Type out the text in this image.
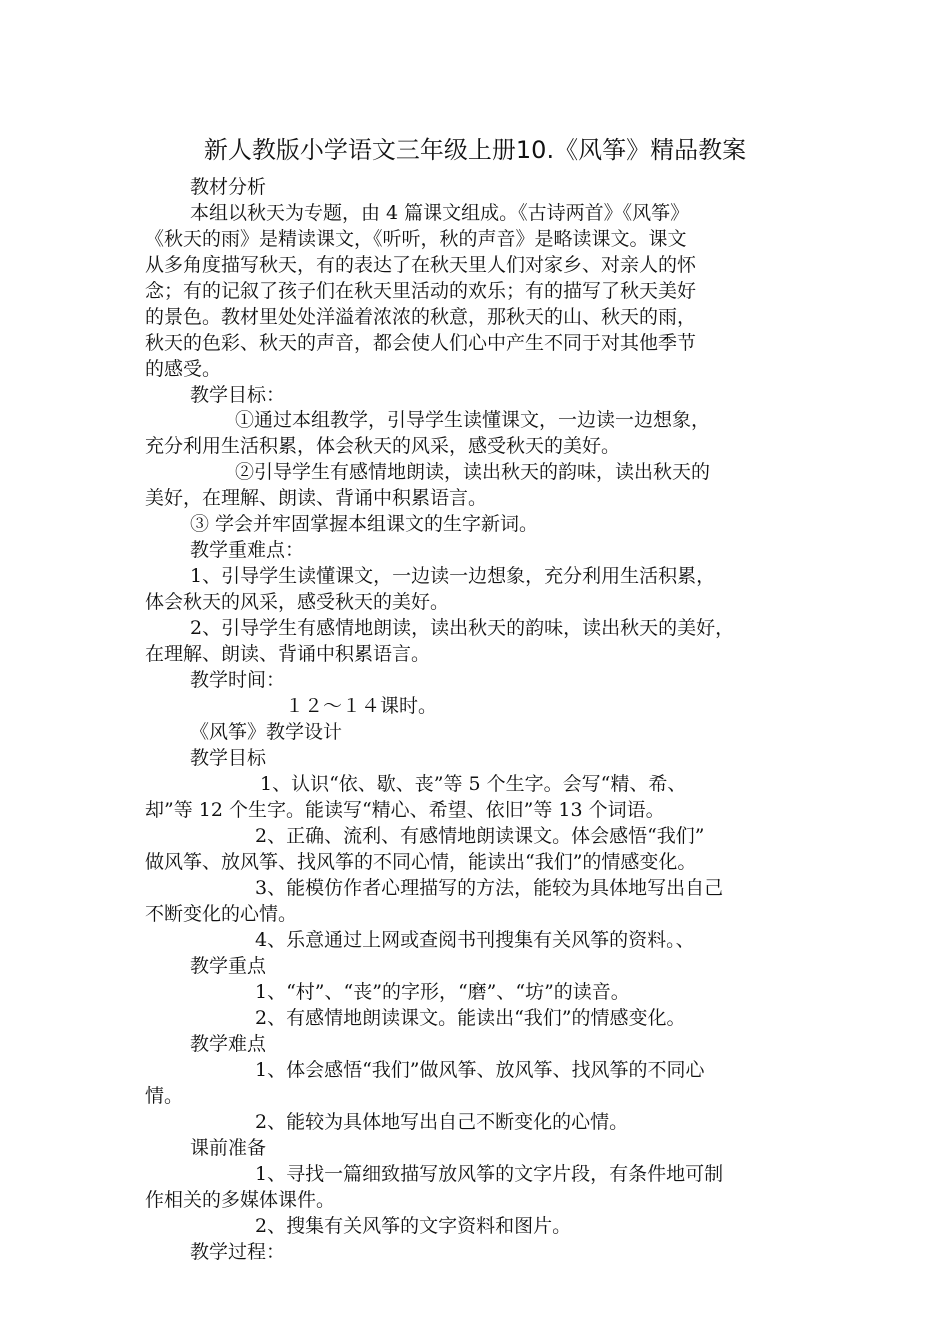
新人教版小学语文三年级上册10.《风筝》精品教案
教材分析
本组以秋天为专题，由 4 篇课文组成。《古诗两首》《风筝》
《秋天的雨》是精读课文，《听听，秋的声音》是略读课文。课文
从多角度描写秋天，有的表达了在秋天里人们对家乡、对亲人的怀
念；有的记叙了孩子们在秋天里活动的欢乐；有的描写了秋天美好
的景色。教材里处处洋溢着浓浓的秋意，那秋天的山、秋天的雨，
秋天的色彩、秋天的声音，都会使人们心中产生不同于对其他季节
的感受。
教学目标：
①通过本组教学，引导学生读懂课文，一边读一边想象，
充分利用生活积累，体会秋天的风采，感受秋天的美好。
②引导学生有感情地朗读，读出秋天的韵味，读出秋天的
美好，在理解、朗读、背诵中积累语言。
③ 学会并牢固掌握本组课文的生字新词。
教学重难点：
1、引导学生读懂课文，一边读一边想象，充分利用生活积累，
体会秋天的风采，感受秋天的美好。
2、引导学生有感情地朗读，读出秋天的韵味，读出秋天的美好，
在理解、朗读、背诵中积累语言。
教学时间：
１２～１４课时。
《风筝》教学设计
教学目标
1、认识“依、歇、丧”等 5 个生字。会写“精、希、
却”等 12 个生字。能读写“精心、希望、依旧”等 13 个词语。
2、正确、流利、有感情地朗读课文。体会感悟“我们”
做风筝、放风筝、找风筝的不同心情，能读出“我们”的情感变化。
3、能模仿作者心理描写的方法，能较为具体地写出自己
不断变化的心情。
4、乐意通过上网或查阅书刊搜集有关风筝的资料。、
教学重点
1、“村”、“丧”的字形，“磨”、“坊”的读音。
2、有感情地朗读课文。能读出“我们”的情感变化。
教学难点
1、体会感悟“我们”做风筝、放风筝、找风筝的不同心
情。
2、能较为具体地写出自己不断变化的心情。
课前准备
1、寻找一篇细致描写放风筝的文字片段，有条件地可制
作相关的多媒体课件。
2、搜集有关风筝的文字资料和图片。
教学过程：
